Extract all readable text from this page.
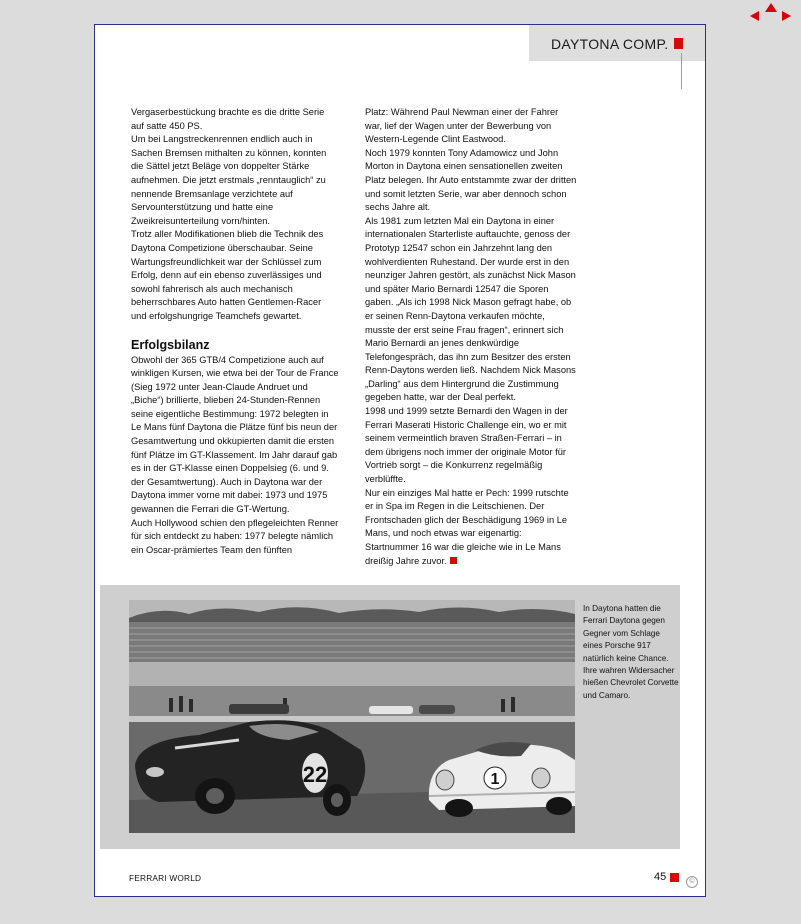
DAYTONA COMP.

Vergaserbestückung brachte es die dritte Serie auf satte 450 PS.

Um bei Langstreckenrennen endlich auch in Sachen Bremsen mithalten zu können, konnten die Sättel jetzt Beläge von doppelter Stärke aufnehmen. Die jetzt erstmals „renntauglich“ zu nennende Bremsanlage verzichtete auf Servounterstützung und hatte eine Zweikreisunterteilung vorn/hinten.

Trotz aller Modifikationen blieb die Technik des Daytona Competizione überschaubar. Seine Wartungsfreundlichkeit war der Schlüssel zum Erfolg, denn auf ein ebenso zuverlässiges und sowohl fahrerisch als auch mechanisch beherrschbares Auto hatten Gentlemen-Racer und erfolgshungrige Teamchefs gewartet.

Erfolgsbilanz

Obwohl der 365 GTB/4 Competizione auch auf winkligen Kursen, wie etwa bei der Tour de France (Sieg 1972 unter Jean-Claude Andruet und „Biche“) brillierte, blieben 24-Stunden-Rennen seine eigentliche Bestimmung: 1972 belegten in Le Mans fünf Daytona die Plätze fünf bis neun der Gesamtwertung und okkupierten damit die ersten fünf Plätze im GT-Klassement. Im Jahr darauf gab es in der GT-Klasse einen Doppelsieg (6. und 9. der Gesamtwertung). Auch in Daytona war der Daytona immer vorne mit dabei: 1973 und 1975 gewannen die Ferrari die GT-Wertung.

Auch Hollywood schien den pflegeleichten Renner für sich entdeckt zu haben: 1977 belegte nämlich ein Oscar-prämiertes Team den fünften

Platz: Während Paul Newman einer der Fahrer war, lief der Wagen unter der Bewerbung von Western-Legende Clint Eastwood.

Noch 1979 konnten Tony Adamowicz und John Morton in Daytona einen sensationellen zweiten Platz belegen. Ihr Auto entstammte zwar der dritten und somit letzten Serie, war aber dennoch schon sechs Jahre alt.

Als 1981 zum letzten Mal ein Daytona in einer internationalen Starterliste auftauchte, genoss der Prototyp 12547 schon ein Jahrzehnt lang den wohlverdienten Ruhestand. Der wurde erst in den neunziger Jahren gestört, als zunächst Nick Mason und später Mario Bernardi 12547 die Sporen gaben. „Als ich 1998 Nick Mason gefragt habe, ob er seinen Renn-Daytona verkaufen möchte, musste der erst seine Frau fragen“, erinnert sich Mario Bernardi an jenes denkwürdige Telefongespräch, das ihn zum Besitzer des ersten Renn-Daytons werden ließ. Nachdem Nick Masons „Darling“ aus dem Hintergrund die Zustimmung gegeben hatte, war der Deal perfekt.

1998 und 1999 setzte Bernardi den Wagen in der Ferrari Maserati Historic Challenge ein, wo er mit seinem vermeintlich braven Straßen-Ferrari – in dem übrigens noch immer der originale Motor für Vortrieb sorgt – die Konkurrenz regelmäßig verblüffte.

Nur ein einziges Mal hatte er Pech: 1999 rutschte er in Spa im Regen in die Leitschienen. Der Frontschaden glich der Beschädigung 1969 in Le Mans, und noch etwas war eigenartig: Startnummer 16 war die gleiche wie in Le Mans dreißig Jahre zuvor.

22	1
In Daytona hatten die Ferrari Daytona gegen Gegner vom Schlage eines Porsche 917 natürlich keine Chance. Ihre wahren Widersacher hießen Chevrolet Corvette und Camaro.
FERRARI WORLD	45	©
